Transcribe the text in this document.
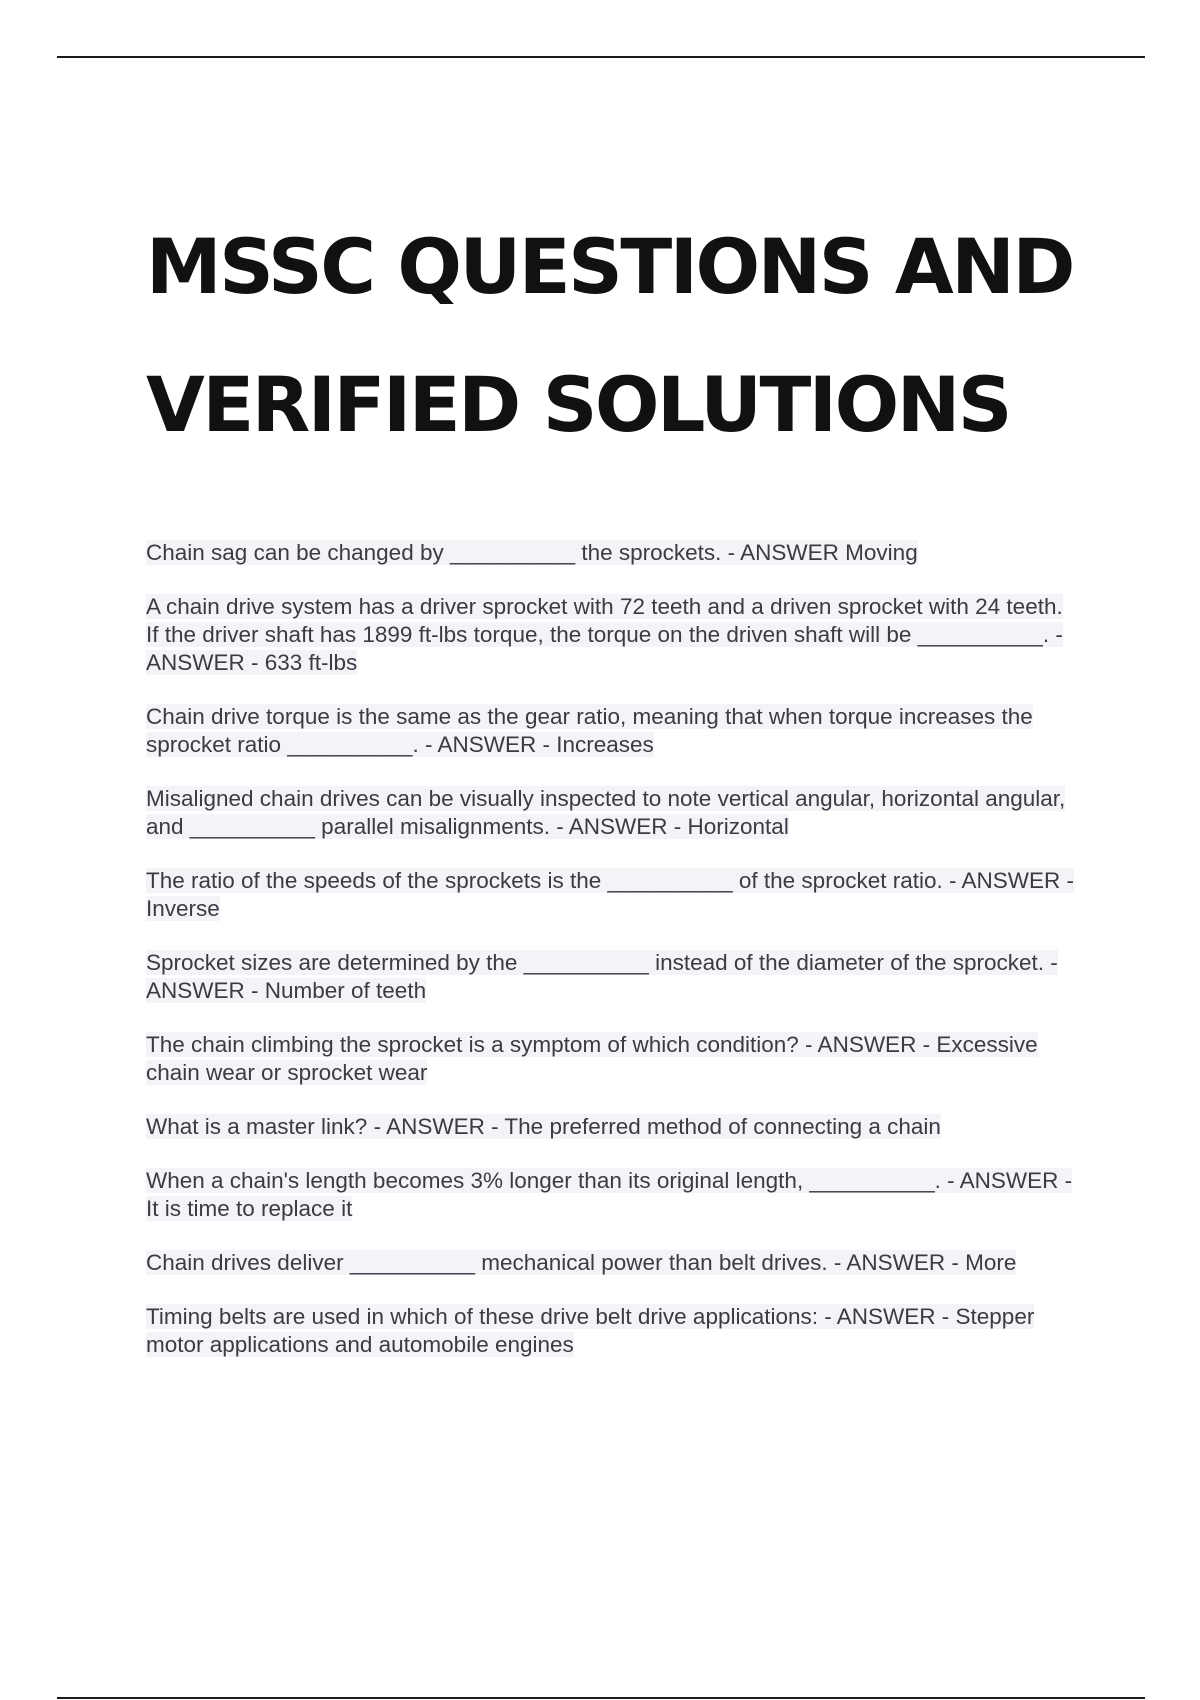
MSSC QUESTIONS AND
VERIFIED SOLUTIONS

Chain sag can be changed by __________ the sprockets. - ANSWER Moving

A chain drive system has a driver sprocket with 72 teeth and a driven sprocket with 24 teeth. If the driver shaft has 1899 ft-lbs torque, the torque on the driven shaft will be __________. - ANSWER - 633 ft-lbs

Chain drive torque is the same as the gear ratio, meaning that when torque increases the sprocket ratio __________. - ANSWER - Increases

Misaligned chain drives can be visually inspected to note vertical angular, horizontal angular, and __________ parallel misalignments. - ANSWER - Horizontal

The ratio of the speeds of the sprockets is the __________ of the sprocket ratio. - ANSWER - Inverse

Sprocket sizes are determined by the __________ instead of the diameter of the sprocket. - ANSWER - Number of teeth

The chain climbing the sprocket is a symptom of which condition? - ANSWER - Excessive chain wear or sprocket wear

What is a master link? - ANSWER - The preferred method of connecting a chain

When a chain's length becomes 3% longer than its original length, __________. - ANSWER - It is time to replace it

Chain drives deliver __________ mechanical power than belt drives. - ANSWER - More

Timing belts are used in which of these drive belt drive applications: - ANSWER - Stepper motor applications and automobile engines
